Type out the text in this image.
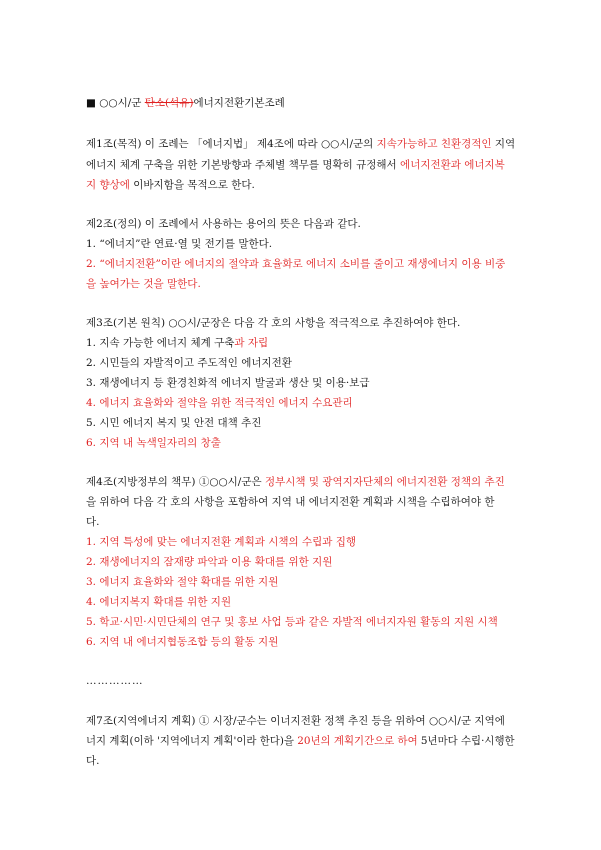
■ ○○시/군 탄소(석유)에너지전환기본조례
제1조(목적) 이 조례는 「에너지법」 제4조에 따라 ○○시/군의 지속가능하고 친환경적인 지역
에너지 체계 구축을 위한 기본방향과 주체별 책무를 명확히 규정해서 에너지전환과 에너지복
지 향상에 이바지함을 목적으로 한다.
제2조(정의) 이 조례에서 사용하는 용어의 뜻은 다음과 같다.
1. “에너지”란 연료·열 및 전기를 말한다.
2. “에너지전환”이란 에너지의 절약과 효율화로 에너지 소비를 줄이고 재생에너지 이용 비중
을 높여가는 것을 말한다.
제3조(기본 원칙) ○○시/군장은 다음 각 호의 사항을 적극적으로 추진하여야 한다.
1. 지속 가능한 에너지 체계 구축과 자립
2. 시민들의 자발적이고 주도적인 에너지전환
3. 재생에너지 등 환경친화적 에너지 발굴과 생산 및 이용·보급
4. 에너지 효율화와 절약을 위한 적극적인 에너지 수요관리
5. 시민 에너지 복지 및 안전 대책 추진
6. 지역 내 녹색일자리의 창출
제4조(지방정부의 책무) ①○○시/군은 정부시책 및 광역지자단체의 에너지전환 정책의 추진
을 위하여 다음 각 호의 사항을 포함하여 지역 내 에너지전환 계획과 시책을 수립하여야 한
다.
1. 지역 특성에 맞는 에너지전환 계획과 시책의 수립과 집행
2. 재생에너지의 잠재량 파악과 이용 확대를 위한 지원
3. 에너지 효율화와 절약 확대를 위한 지원
4. 에너지복지 확대를 위한 지원
5. 학교·시민·시민단체의 연구 및 홍보 사업 등과 같은 자발적 에너지자원 활동의 지원 시책
6. 지역 내 에너지협동조합 등의 활동 지원
……………
제7조(지역에너지 계획) ① 시장/군수는 이너지전환 정책 추진 등을 위하여 ○○시/군 지역에
너지 계획(이하 '지역에너지 계획'이라 한다)을 20년의 계획기간으로 하여 5년마다 수립·시행한
다.
